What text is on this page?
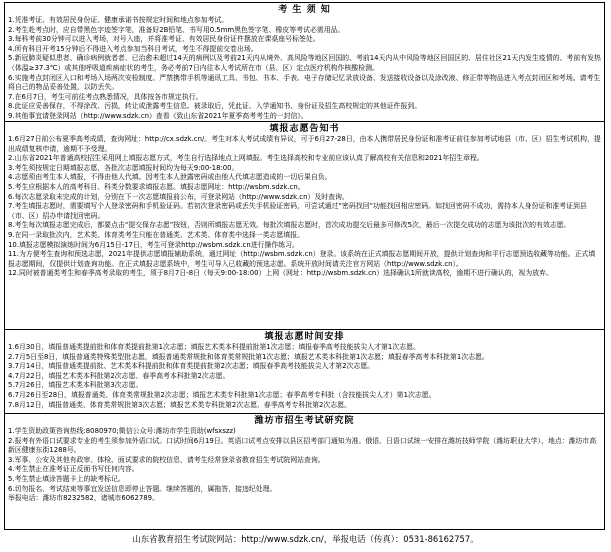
考 生 须 知
1.凭准考证、有效居民身份证、健康承诺书按规定时间和地点参加考试。
2.考生赴考点时，应自带黑色字迹签字笔，准备好2B铅笔、书写用0.5mm黑色签字笔、橡皮等考试必需用品。
3.每科考前30分钟可以进入考场，对号入座，并将准考证、有效居民身份证件摆放在课桌座号标签处。
4.所有科目开考15分钟后不得进入考点参加当科目考试，考生不得提前交卷出场。
5.新冠肺炎疑似患者、确诊病例就者者、已治愈未超过14天的病例以及考前21天内从境外、高风险等地区回国的、考前14天内从中风险等地区回国区的、居住社区21天内发生疫情的、考前有发热（体温≥37.3℃）或其他呼吸道疾病症状的考生，务必考前7日内往本人考试所在市（县、区）定点医疗机构作核酸检测。
6.实施考点封闭区入口和考场入场两次安检制度。严禁携带手机等通讯工具、书包、书本、手表、电子存储记忆录放设备、发送接收设备以及涂改液、修正带等物品进入考点封闭区和考场。请考生将自己的物品妥善处置，以防丢失。
7.在6月7日，考生可前往考点熟悉情况，具体按各市规定执行。
8.此证应妥善保存，不得涂改、污损，转让或泄露考生信息。被录取后，凭此证、入学通知书、身份证及招生高校规定的其他证件报到。
9.其他事宜请登录网站（http://www.sdzk.cn）查看《致山东省2021年夏季高考考生的一封信》。
填报志愿告知书
1.6月27日前公布夏季高考成绩，查询网址：http://cx.sdzk.cn/。考生对本人考试成绩有异议，可于6月27-28日，由本人携带居民身份证和准考证前往参加考试地县（市、区）招生考试机构，提出成绩复核申请，逾期不予受理。
2.山东省2021年普通高校招生采用网上填报志愿方式，考生自行选择地点上网填报。考生选择高校和专业前应该认真了解高校有关信息和2021年招生章程。
3.考生须按规定日期填报志愿，各批次志愿填报时间均为每天9:00-18:00。
4.志愿须由考生本人填报，不得由他人代填。因考生本人泄露密码或由他人代填志愿造成的一切后果自负。
5.考生应根据本人的高考科目、科类分数要求填报志愿。填报志愿网址：http://wsbm.sdzk.cn。
6.每次志愿录取未完成的计划，分别在下一次志愿填报前公布，可登录网站（http://www.sdzk.cn）及时查询。
7.考生填报志愿时，需要填写个人登录密码和手机验证码。若初次登录密码或丢失手机验证密码，可尝试通过“密码找回”功能找回相应密码。如找回密码不成功，需持本人身份证和准考证到县（市、区）招办申请找回密码。
8.考生每次填报志愿完成后，都要点击“提交保存志愿”按钮，否则所填报志愿无效。每批次填报志愿时，首次成功提交后最多可修改5次，最后一次提交成功的志愿为该批次的有效志愿。
9.在同一录取批次内，艺术类、体育类考生只能在普通类、艺术类、体育类中选择一类志愿填报。
10.填报志愿模拟演练时间为6月15日-17日，考生可登录http://wsbm.sdzk.cn进行操作练习。
11.为方便考生查询和预选志愿，2021年提供志愿填报辅助系统，通过网址（http://wsbm.sdzk.cn）登录。该系统在正式填报志愿期间开放，提供计划查询和平行志愿预选收藏等功能。正式填报志愿期间，仅提供计划查询功能。在正式填报志愿系统中，考生可导入已收藏的预选志愿。系统开放时间请关注官方网站（http://www.sdzk.cn）。
12.同时被普通类考生和春季高考录取的考生，须于8月7日-8日（每天9:00-18:00）上网（网址：http://wsbm.sdzk.cn）选择确认1所就读高校，逾期不进行确认的，视为放弃。
填报志愿时间安排
1.6月30日，填报普通类提前批和体育类提前批第1次志愿；填报艺术类本科提前批第1次志愿；填报春季高考技能拔尖人才第1次志愿。
2.7月5日至8日，填报普通类特殊类型批志愿，填报普通类常规批和体育类常规批第1次志愿；填报艺术类本科批第1次志愿；填报春季高考本科批第1次志愿。
3.7月14日，填报普通类提前批、艺术类本科提前批和体育类提前批第2次志愿；填报春季高考技能拔尖人才第2次志愿。
4.7月22日，填报艺术类本科批第2次志愿、春季高考本科批第2次志愿。
5.7月26日，填报艺术类本科批第3次志愿。
6.7月26日至28日，填报普通类、体育类常规批第2次志愿；填报艺术类专科批第1次志愿；春季高考专科批（含技能拔尖人才）第1次志愿。
7.8月12日，填报普通类、体育类常规批第3次志愿；填报艺术类专科批第2次志愿、春季高考专科批第2次志愿。
潍坊市招生考试研究院
1.学生资助政策咨询热线:8080970;微信公众号:潍坊市学生资助(wfsxszz)
2.报考有外语口试要求专业的考生须参加外语口试。口试时间6月19日。英语口试考点安排以县区招考部门通知为准。俄语、日语口试统一安排在潍坊技师学院（潍坊职业大学），地点：潍坊市高新区健康东街1288号。
3.军事、公安及其他有政审、体检、面试要求的院校信息，请考生经常登录省教育招生考试院网站查询。
4.考生禁止在准考证正反面书写任何内容。
5.考生禁止填涂答题卡上的缺考标记。
6.切勿报名、考试结束等事宜发送信息即停止答题。继续答题的，属拖答，接违纪处理。
举报电话：潍坊市8232582，诸城市6062789。
山东省教育招生考试院网站：http://www.sdzk.cn/，举报电话（传真）：0531-86162757。
